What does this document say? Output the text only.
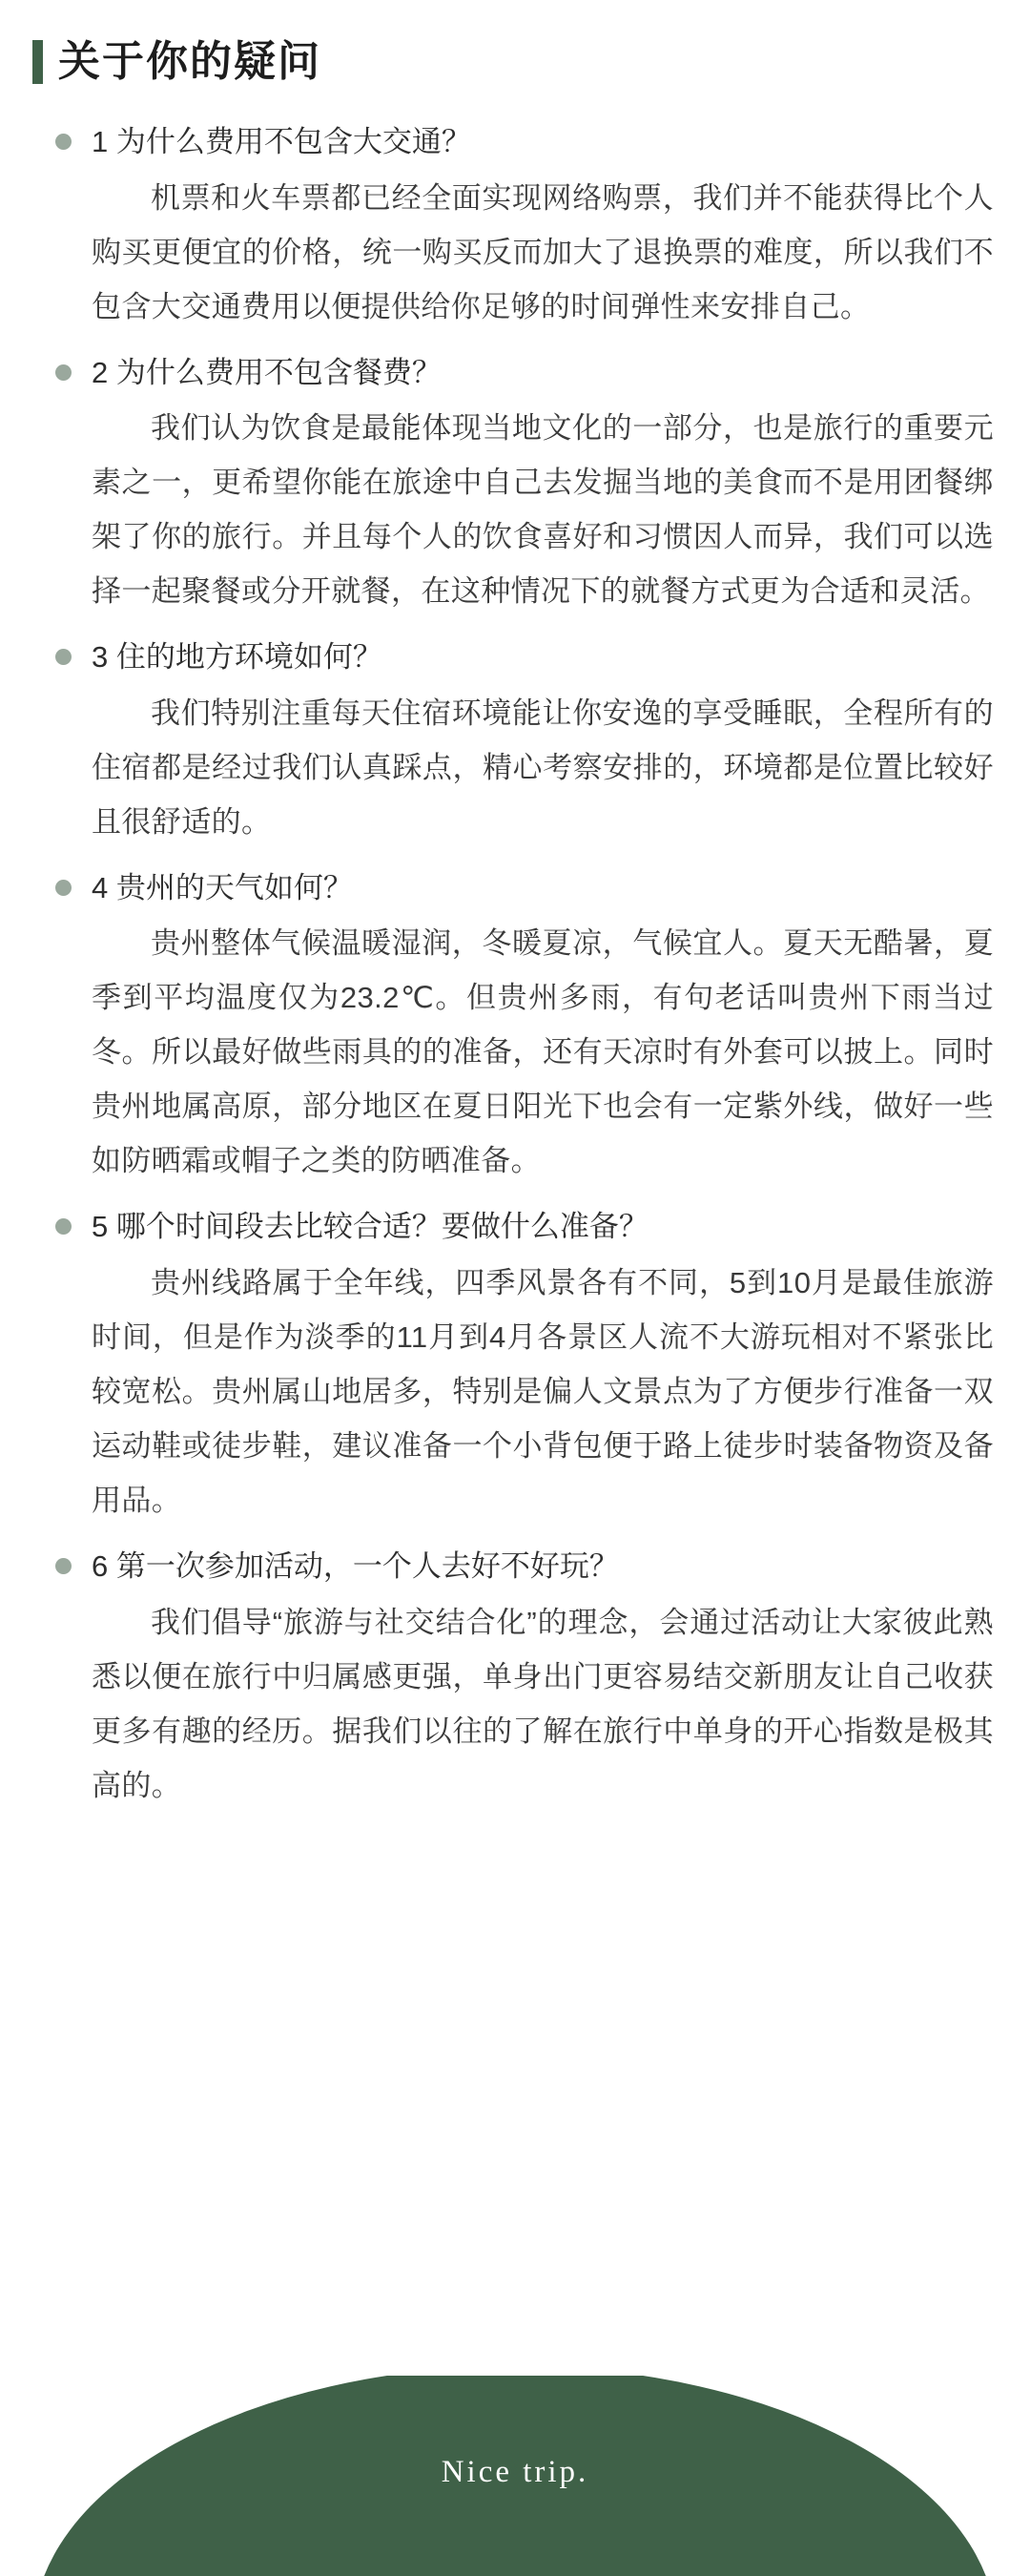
关于你的疑问
1 为什么费用不包含大交通？
机票和火车票都已经全面实现网络购票，我们并不能获得比个人购买更便宜的价格，统一购买反而加大了退换票的难度，所以我们不包含大交通费用以便提供给你足够的时间弹性来安排自己。
2 为什么费用不包含餐费？
我们认为饮食是最能体现当地文化的一部分，也是旅行的重要元素之一，更希望你能在旅途中自己去发掘当地的美食而不是用团餐绑架了你的旅行。并且每个人的饮食喜好和习惯因人而异，我们可以选择一起聚餐或分开就餐，在这种情况下的就餐方式更为合适和灵活。
3 住的地方环境如何？
我们特别注重每天住宿环境能让你安逸的享受睡眠，全程所有的住宿都是经过我们认真踩点，精心考察安排的，环境都是位置比较好且很舒适的。
4 贵州的天气如何？
贵州整体气候温暖湿润，冬暖夏凉，气候宜人。夏天无酷暑，夏季到平均温度仅为23.2℃。但贵州多雨，有句老话叫贵州下雨当过冬。所以最好做些雨具的的准备，还有天凉时有外套可以披上。同时贵州地属高原，部分地区在夏日阳光下也会有一定紫外线，做好一些如防晒霜或帽子之类的防晒准备。
5 哪个时间段去比较合适？要做什么准备？
贵州线路属于全年线，四季风景各有不同，5到10月是最佳旅游时间，但是作为淡季的11月到4月各景区人流不大游玩相对不紧张比较宽松。贵州属山地居多，特别是偏人文景点为了方便步行准备一双运动鞋或徒步鞋，建议准备一个小背包便于路上徒步时装备物资及备用品。
6 第一次参加活动，一个人去好不好玩？
我们倡导“旅游与社交结合化”的理念，会通过活动让大家彼此熟悉以便在旅行中归属感更强，单身出门更容易结交新朋友让自己收获更多有趣的经历。据我们以往的了解在旅行中单身的开心指数是极其高的。
Nice trip.
